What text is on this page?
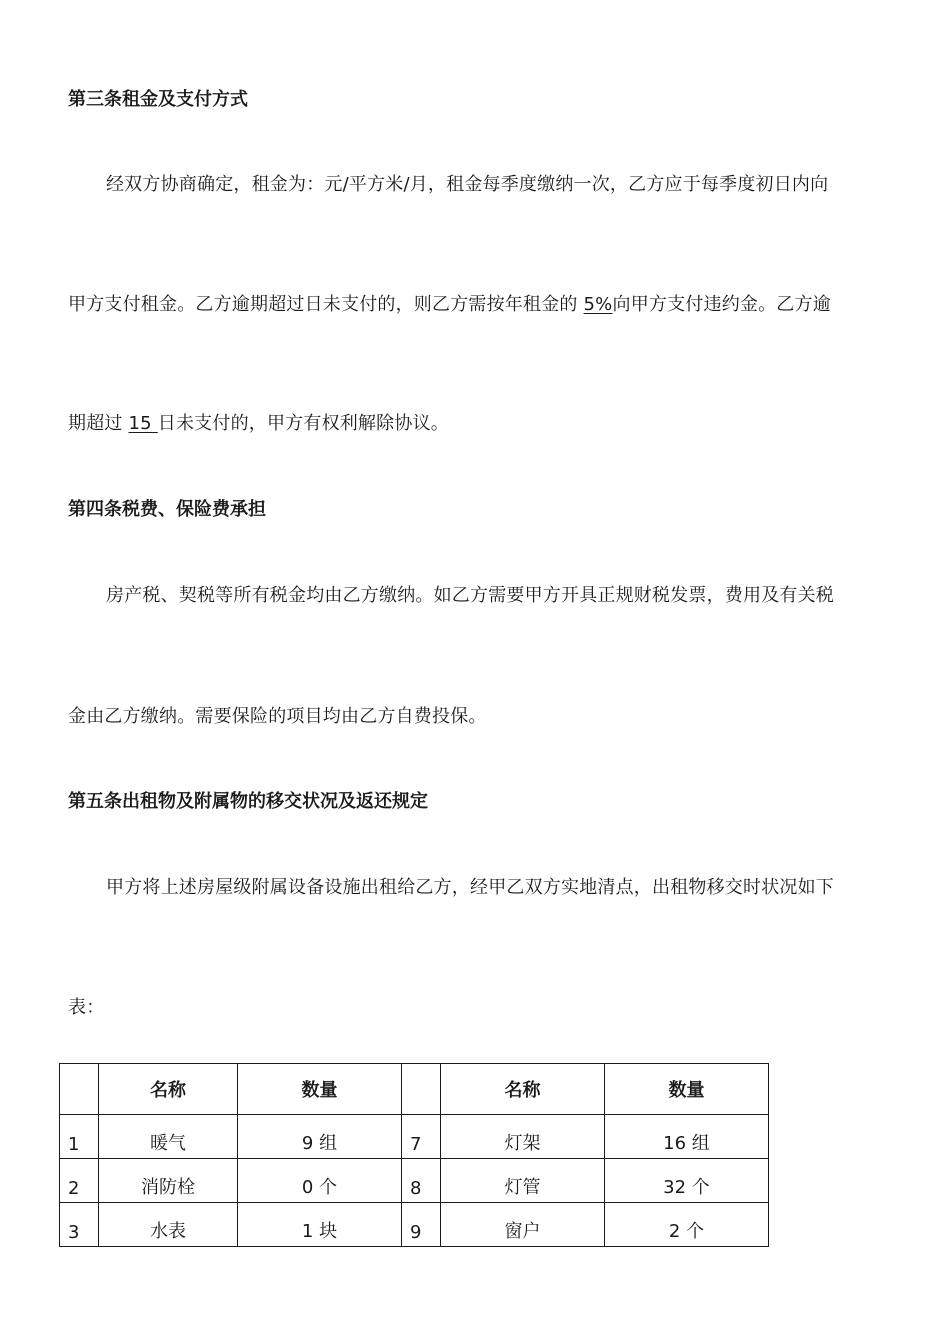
第三条租金及支付方式
经双方协商确定，租金为：元/平方米/月，租金每季度缴纳一次，乙方应于每季度初日内向
甲方支付租金。乙方逾期超过日未支付的，则乙方需按年租金的 5%向甲方支付违约金。乙方逾
期超过 15 日未支付的，甲方有权利解除协议。
第四条税费、保险费承担
房产税、契税等所有税金均由乙方缴纳。如乙方需要甲方开具正规财税发票，费用及有关税
金由乙方缴纳。需要保险的项目均由乙方自费投保。
第五条出租物及附属物的移交状况及返还规定
甲方将上述房屋级附属设备设施出租给乙方，经甲乙双方实地清点，出租物移交时状况如下
表：
	名称	数量		名称	数量
1	暖气	9 组	7	灯架	16 组
2	消防栓	0 个	8	灯管	32 个
3	水表	1 块	9	窗户	2 个
